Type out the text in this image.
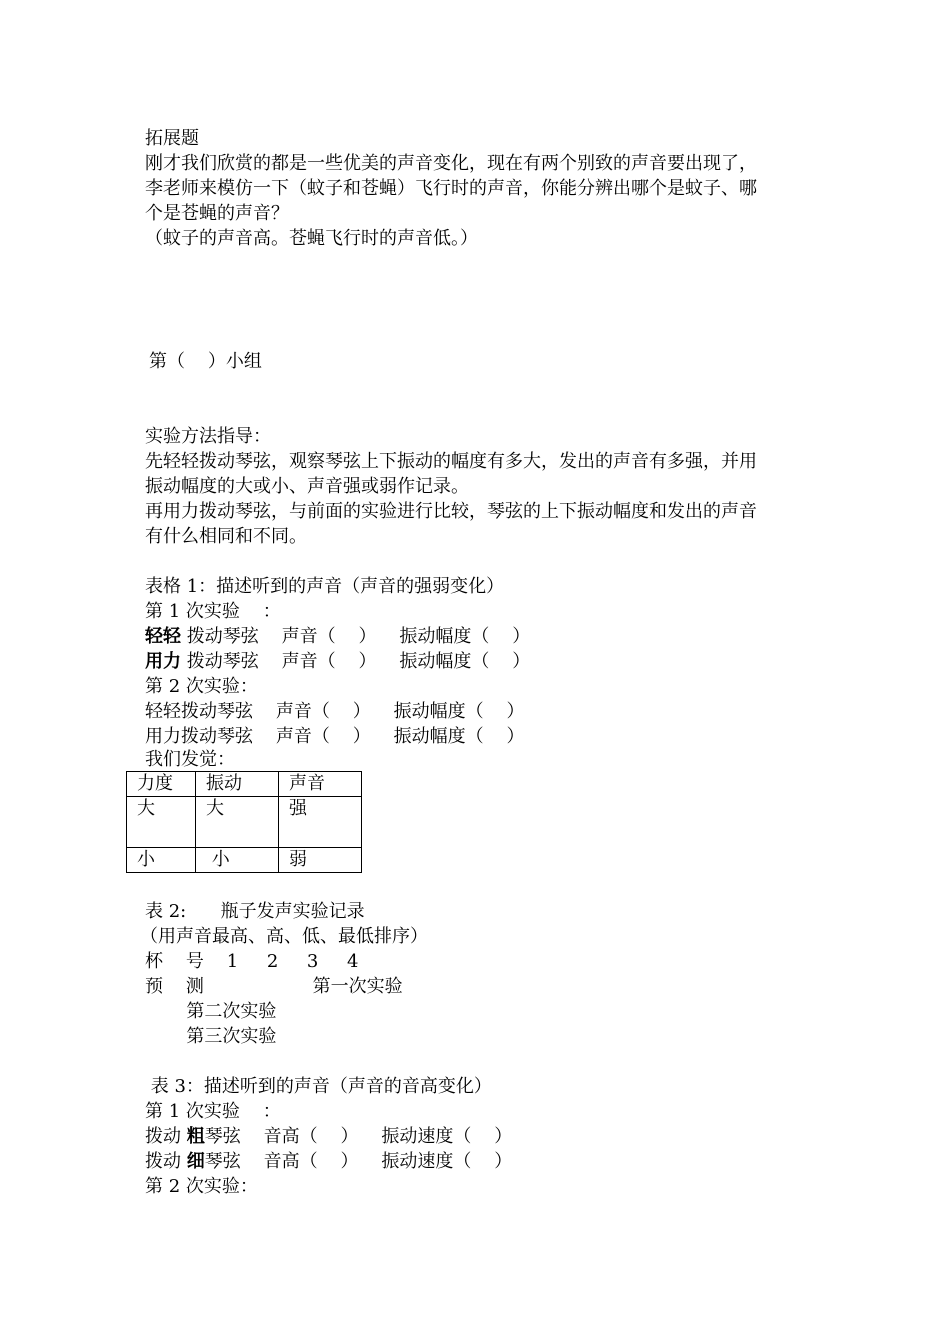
拓展题
刚才我们欣赏的都是一些优美的声音变化，现在有两个别致的声音要出现了，
李老师来模仿一下（蚊子和苍蝇）飞行时的声音，你能分辨出哪个是蚊子、哪
个是苍蝇的声音？
（蚊子的声音高。苍蝇飞行时的声音低。）
第（    ）小组
实验方法指导：
先轻轻拨动琴弦，观察琴弦上下振动的幅度有多大，发出的声音有多强，并用
振动幅度的大或小、声音强或弱作记录。
再用力拨动琴弦，与前面的实验进行比较，琴弦的上下振动幅度和发出的声音
有什么相同和不同。
表格 1：描述听到的声音（声音的强弱变化）
第 1 次实验    ：
轻轻 拨动琴弦    声音（    ）    振动幅度（    ）
用力 拨动琴弦    声音（    ）    振动幅度（    ）
第 2 次实验：
轻轻拨动琴弦    声音（    ）    振动幅度（    ）
用力拨动琴弦    声音（    ）    振动幅度（    ）
我们发觉：
力度	振动	声音
大	大	强
小	小	弱
表 2:      瓶子发声实验记录
（用声音最高、高、低、最低排序）
杯    号    1     2     3     4
预    测                   第一次实验
第二次实验
第三次实验
表 3：描述听到的声音（声音的音高变化）
第 1 次实验    ：
拨动 粗琴弦    音高（    ）    振动速度（    ）
拨动 细琴弦    音高（    ）    振动速度（    ）
第 2 次实验：
